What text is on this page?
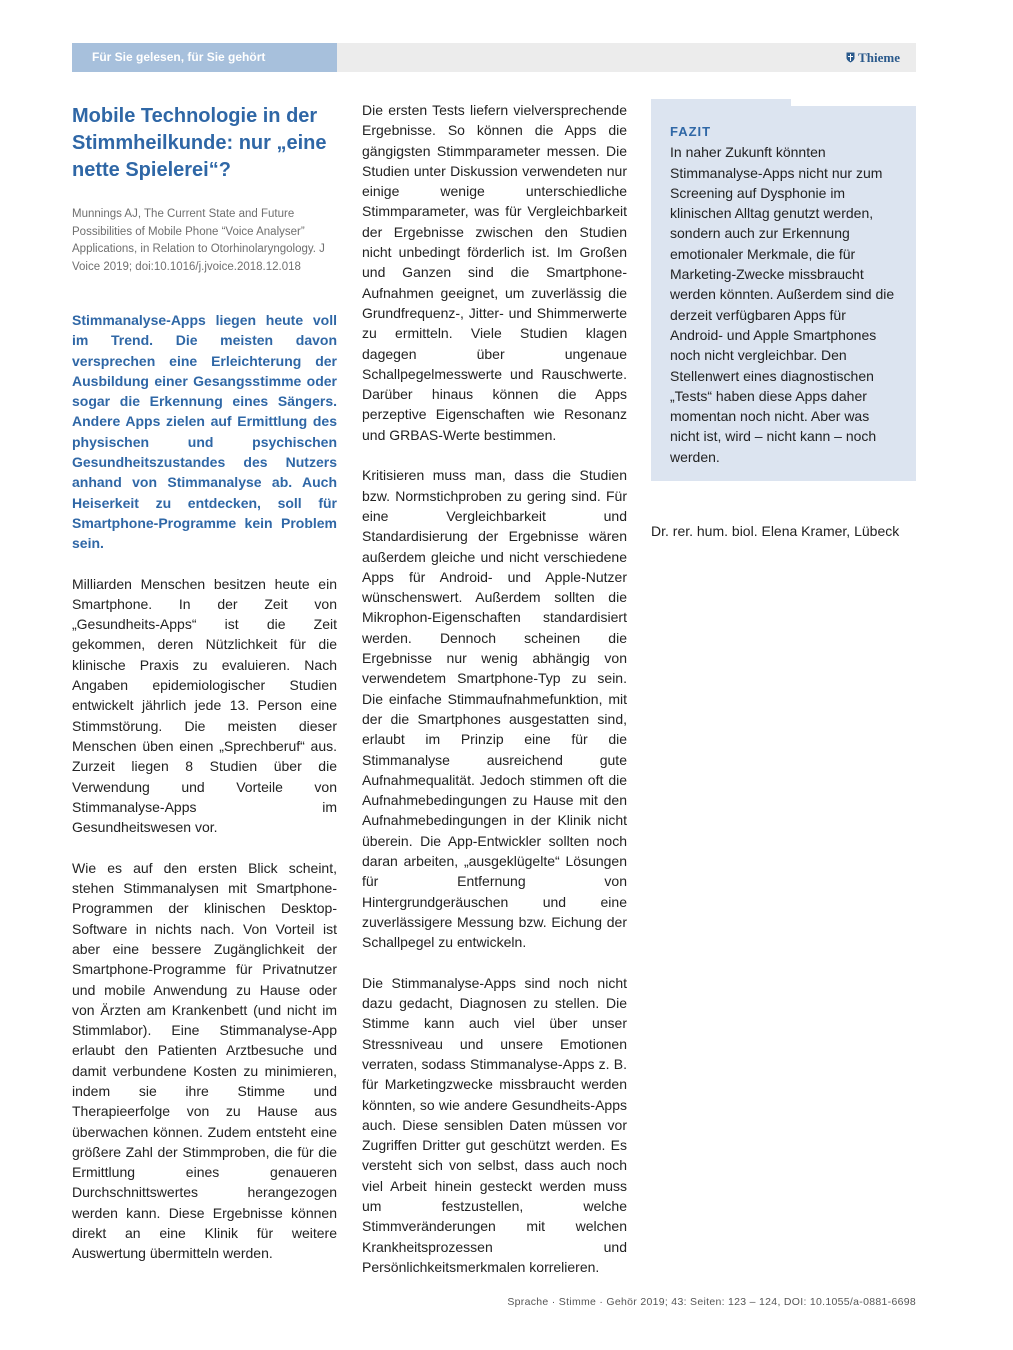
Für Sie gelesen, für Sie gehört	Thieme
Mobile Technologie in der Stimmheilkunde: nur „eine nette Spielerei“?
Munnings AJ, The Current State and Future Possibilities of Mobile Phone “Voice Analyser” Applications, in Relation to Otorhinolaryngology. J Voice 2019; doi:10.1016/j.jvoice.2018.12.018
Stimmanalyse-Apps liegen heute voll im Trend. Die meisten davon versprechen eine Erleichterung der Ausbildung einer Gesangsstimme oder sogar die Erkennung eines Sängers. Andere Apps zielen auf Ermittlung des physischen und psychischen Gesundheitszustandes des Nutzers anhand von Stimmanalyse ab. Auch Heiserkeit zu entdecken, soll für Smartphone-Programme kein Problem sein.

Milliarden Menschen besitzen heute ein Smartphone. In der Zeit von „Gesundheits-Apps“ ist die Zeit gekommen, deren Nützlichkeit für die klinische Praxis zu evaluieren. Nach Angaben epidemiologischer Studien entwickelt jährlich jede 13. Person eine Stimmstörung. Die meisten dieser Menschen üben einen „Sprechberuf“ aus. Zurzeit liegen 8 Studien über die Verwendung und Vorteile von Stimmanalyse-Apps im Gesundheitswesen vor.

Wie es auf den ersten Blick scheint, stehen Stimmanalysen mit Smartphone-Programmen der klinischen Desktop-Software in nichts nach. Von Vorteil ist aber eine bessere Zugänglichkeit der Smartphone-Programme für Privatnutzer und mobile Anwendung zu Hause oder von Ärzten am Krankenbett (und nicht im Stimmlabor). Eine Stimmanalyse-App erlaubt den Patienten Arztbesuche und damit verbundene Kosten zu minimieren, indem sie ihre Stimme und Therapieerfolge von zu Hause aus überwachen können. Zudem entsteht eine größere Zahl der Stimmproben, die für die Ermittlung eines genaueren Durchschnittswertes herangezogen werden kann. Diese Ergebnisse können direkt an eine Klinik für weitere Auswertung übermitteln werden.

Die ersten Tests liefern vielversprechende Ergebnisse. So können die Apps die gängigsten Stimmparameter messen. Die Studien unter Diskussion verwendeten nur einige wenige unterschiedliche Stimmparameter, was für Vergleichbarkeit der Ergebnisse zwischen den Studien nicht unbedingt förderlich ist. Im Großen und Ganzen sind die Smartphone-Aufnahmen geeignet, um zuverlässig die Grundfrequenz-, Jitter- und Shimmerwerte zu ermitteln. Viele Studien klagen dagegen über ungenaue Schallpegelmesswerte und Rauschwerte. Darüber hinaus können die Apps perzeptive Eigenschaften wie Resonanz und GRBAS-Werte bestimmen.

Kritisieren muss man, dass die Studien bzw. Normstichproben zu gering sind. Für eine Vergleichbarkeit und Standardisierung der Ergebnisse wären außerdem gleiche und nicht verschiedene Apps für Android- und Apple-Nutzer wünschenswert. Außerdem sollten die Mikrophon-Eigenschaften standardisiert werden. Dennoch scheinen die Ergebnisse nur wenig abhängig von verwendetem Smartphone-Typ zu sein. Die einfache Stimmaufnahmefunktion, mit der die Smartphones ausgestatten sind, erlaubt im Prinzip eine für die Stimmanalyse ausreichend gute Aufnahmequalität. Jedoch stimmen oft die Aufnahmebedingungen zu Hause mit den Aufnahmebedingungen in der Klinik nicht überein. Die App-Entwickler sollten noch daran arbeiten, „ausgeklügelte“ Lösungen für Entfernung von Hintergrundgeräuschen und eine zuverlässigere Messung bzw. Eichung der Schallpegel zu entwickeln.

Die Stimmanalyse-Apps sind noch nicht dazu gedacht, Diagnosen zu stellen. Die Stimme kann auch viel über unser Stressniveau und unsere Emotionen verraten, sodass Stimmanalyse-Apps z. B. für Marketingzwecke missbraucht werden könnten, so wie andere Gesundheits-Apps auch. Diese sensiblen Daten müssen vor Zugriffen Dritter gut geschützt werden. Es versteht sich von selbst, dass auch noch viel Arbeit hinein gesteckt werden muss um festzustellen, welche Stimmveränderungen mit welchen Krankheitsprozessen und Persönlichkeitsmerkmalen korrelieren.

FAZIT
In naher Zukunft könnten Stimmanalyse-Apps nicht nur zum Screening auf Dysphonie im klinischen Alltag genutzt werden, sondern auch zur Erkennung emotionaler Merkmale, die für Marketing-Zwecke missbraucht werden könnten. Außerdem sind die derzeit verfügbaren Apps für Android- und Apple Smartphones noch nicht vergleichbar. Den Stellenwert eines diagnostischen „Tests“ haben diese Apps daher momentan noch nicht. Aber was nicht ist, wird – nicht kann – noch werden.
Dr. rer. hum. biol. Elena Kramer, Lübeck
Sprache · Stimme · Gehör 2019; 43: Seiten: 123 – 124, DOI: 10.1055/a-0881-6698
